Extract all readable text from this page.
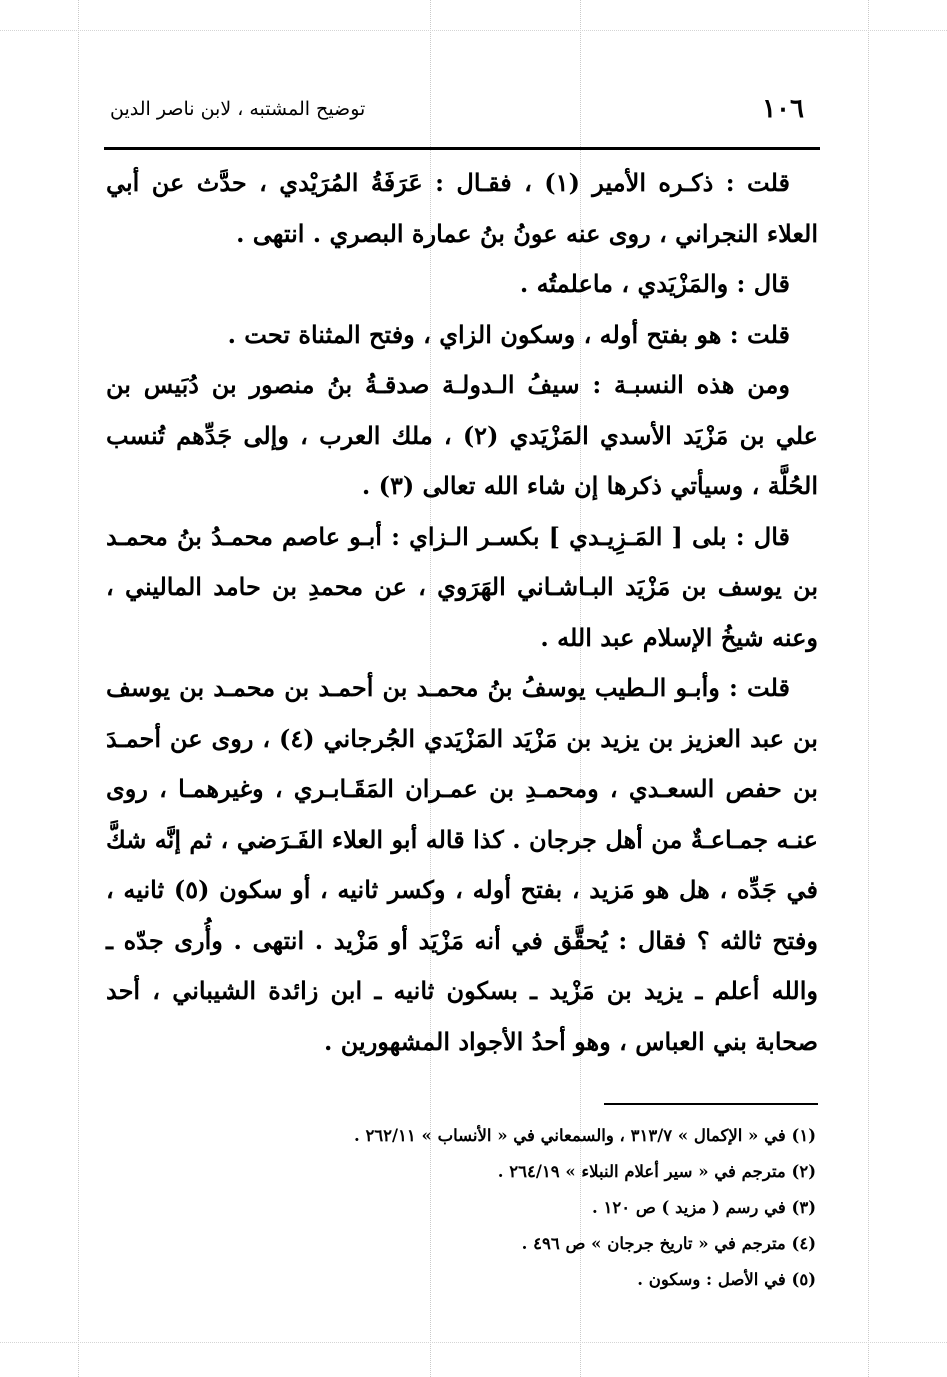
١٠٦
توضيح المشتبه ، لابن ناصر الدين

قلت : ذكـره الأمير (١) ، فقـال : عَرَفَةُ المُرَيْدي ، حدَّث عن أبي العلاء النجراني ، روى عنه عونُ بنُ عمارة البصري . انتهى .

قال : والمَزْيَدي ، ماعلمتُه .

قلت : هو بفتح أوله ، وسكون الزاي ، وفتح المثناة تحت .

ومن هذه النسبـة : سيفُ الـدولـة صدقـةُ بنُ منصور بن دُبَيس بن علي بن مَزْيَد الأسدي المَزْيَدي (٢) ، ملك العرب ، وإلى جَدِّهم تُنسب الحُلَّة ، وسيأتي ذكرها إن شاء الله تعالى (٣) .

قال : بلى [ المَـزِيـدي ] بكسـر الـزاي : أبـو عاصم محمـدُ بنُ محمـد بن يوسف بن مَزْيَد البـاشـاني الهَرَوي ، عن محمدِ بن حامد الماليني ، وعنه شيخُ الإسلام عبد الله .

قلت : وأبـو الـطيب يوسفُ بنُ محمـد بن أحمـد بن محمـد بن يوسف بن عبد العزيز بن يزيد بن مَزْيَد المَزْيَدي الجُرجاني (٤) ، روى عن أحمـدَ بن حفص السعـدي ، ومحمـدِ بن عمـران المَقَـابـري ، وغيرهمـا ، روى عنـه جمـاعـةٌ من أهل جرجان . كذا قاله أبو العلاء الفَـرَضي ، ثم إنَّه شكَّ في جَدِّه ، هل هو مَزيد ، بفتح أوله ، وكسر ثانيه ، أو سكون (٥) ثانيه ، وفتح ثالثه ؟ فقال : يُحقَّق في أنه مَزْيَد أو مَزْيد . انتهى . وأُرى جدّه ـ والله أعلم ـ يزيد بن مَزْيد ـ بسكون ثانيه ـ ابن زائدة الشيباني ، أحد صحابة بني العباس ، وهو أحدُ الأجواد المشهورين .

(١) في « الإكمال » ٣١٣/٧ ، والسمعاني في « الأنساب » ٢٦٢/١١ .
(٢) مترجم في « سير أعلام النبلاء » ٢٦٤/١٩ .
(٣) في رسم ( مزيد ) ص ١٢٠ .
(٤) مترجم في « تاريخ جرجان » ص ٤٩٦ .
(٥) في الأصل : وسكون .
